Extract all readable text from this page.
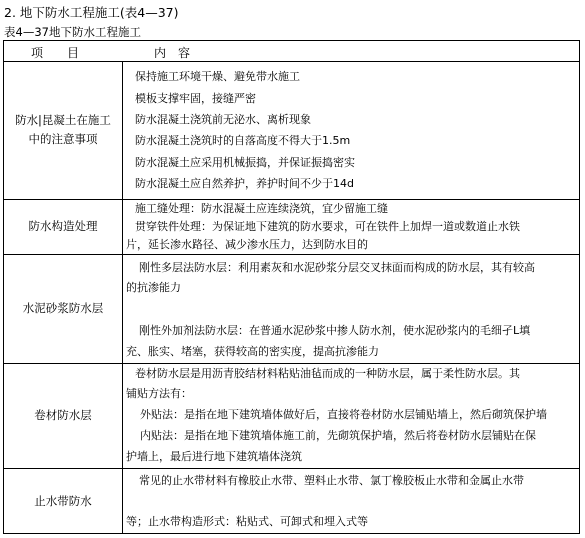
2. 地下防水工程施工(表4—37)
表4—37地下防水工程施工
项　　目	内　容
防水|昆凝土在施工
中的注意事项
保持施工环境干燥、避免带水施工
模板支撑牢固，接缝严密
防水混凝土浇筑前无泌水、离析现象
防水混凝土浇筑时的自落高度不得大于1.5m
防水混凝土应采用机械振捣，并保证振捣密实
防水混凝土应自然养护，养护时间不少于14d
防水构造处理
施工缝处理：防水混凝土应连续浇筑，宜少留施工缝
贯穿铁件处理：为保证地下建筑的防水要求，可在铁件上加焊一道或数道止水铁
片，延长渗水路径、减少渗水压力，达到防水目的
水泥砂浆防水层
刚性多层法防水层：利用素灰和水泥砂浆分层交叉抹面而构成的防水层，其有较高
的抗渗能力
刚性外加剂法防水层：在普通水泥砂浆中掺人防水剂，使水泥砂浆内的毛细孑L填
充、胀实、堵塞，获得较高的密实度，提高抗渗能力
卷材防水层
卷材防水层是用沥青胶结材料粘贴油毡而成的一种防水层，属于柔性防水层。其
铺贴方法有：
外贴法：是指在地下建筑墙体做好后，直接将卷材防水层铺贴墙上，然后砌筑保护墙
内贴法：是指在地下建筑墙体施工前，先砌筑保护墙，然后将卷材防水层铺贴在保
护墙上，最后进行地下建筑墙体浇筑
止水带防水
常见的止水带材料有橡胶止水带、塑料止水带、氯丁橡胶板止水带和金属止水带
等；止水带构造形式：粘贴式、可卸式和埋入式等
